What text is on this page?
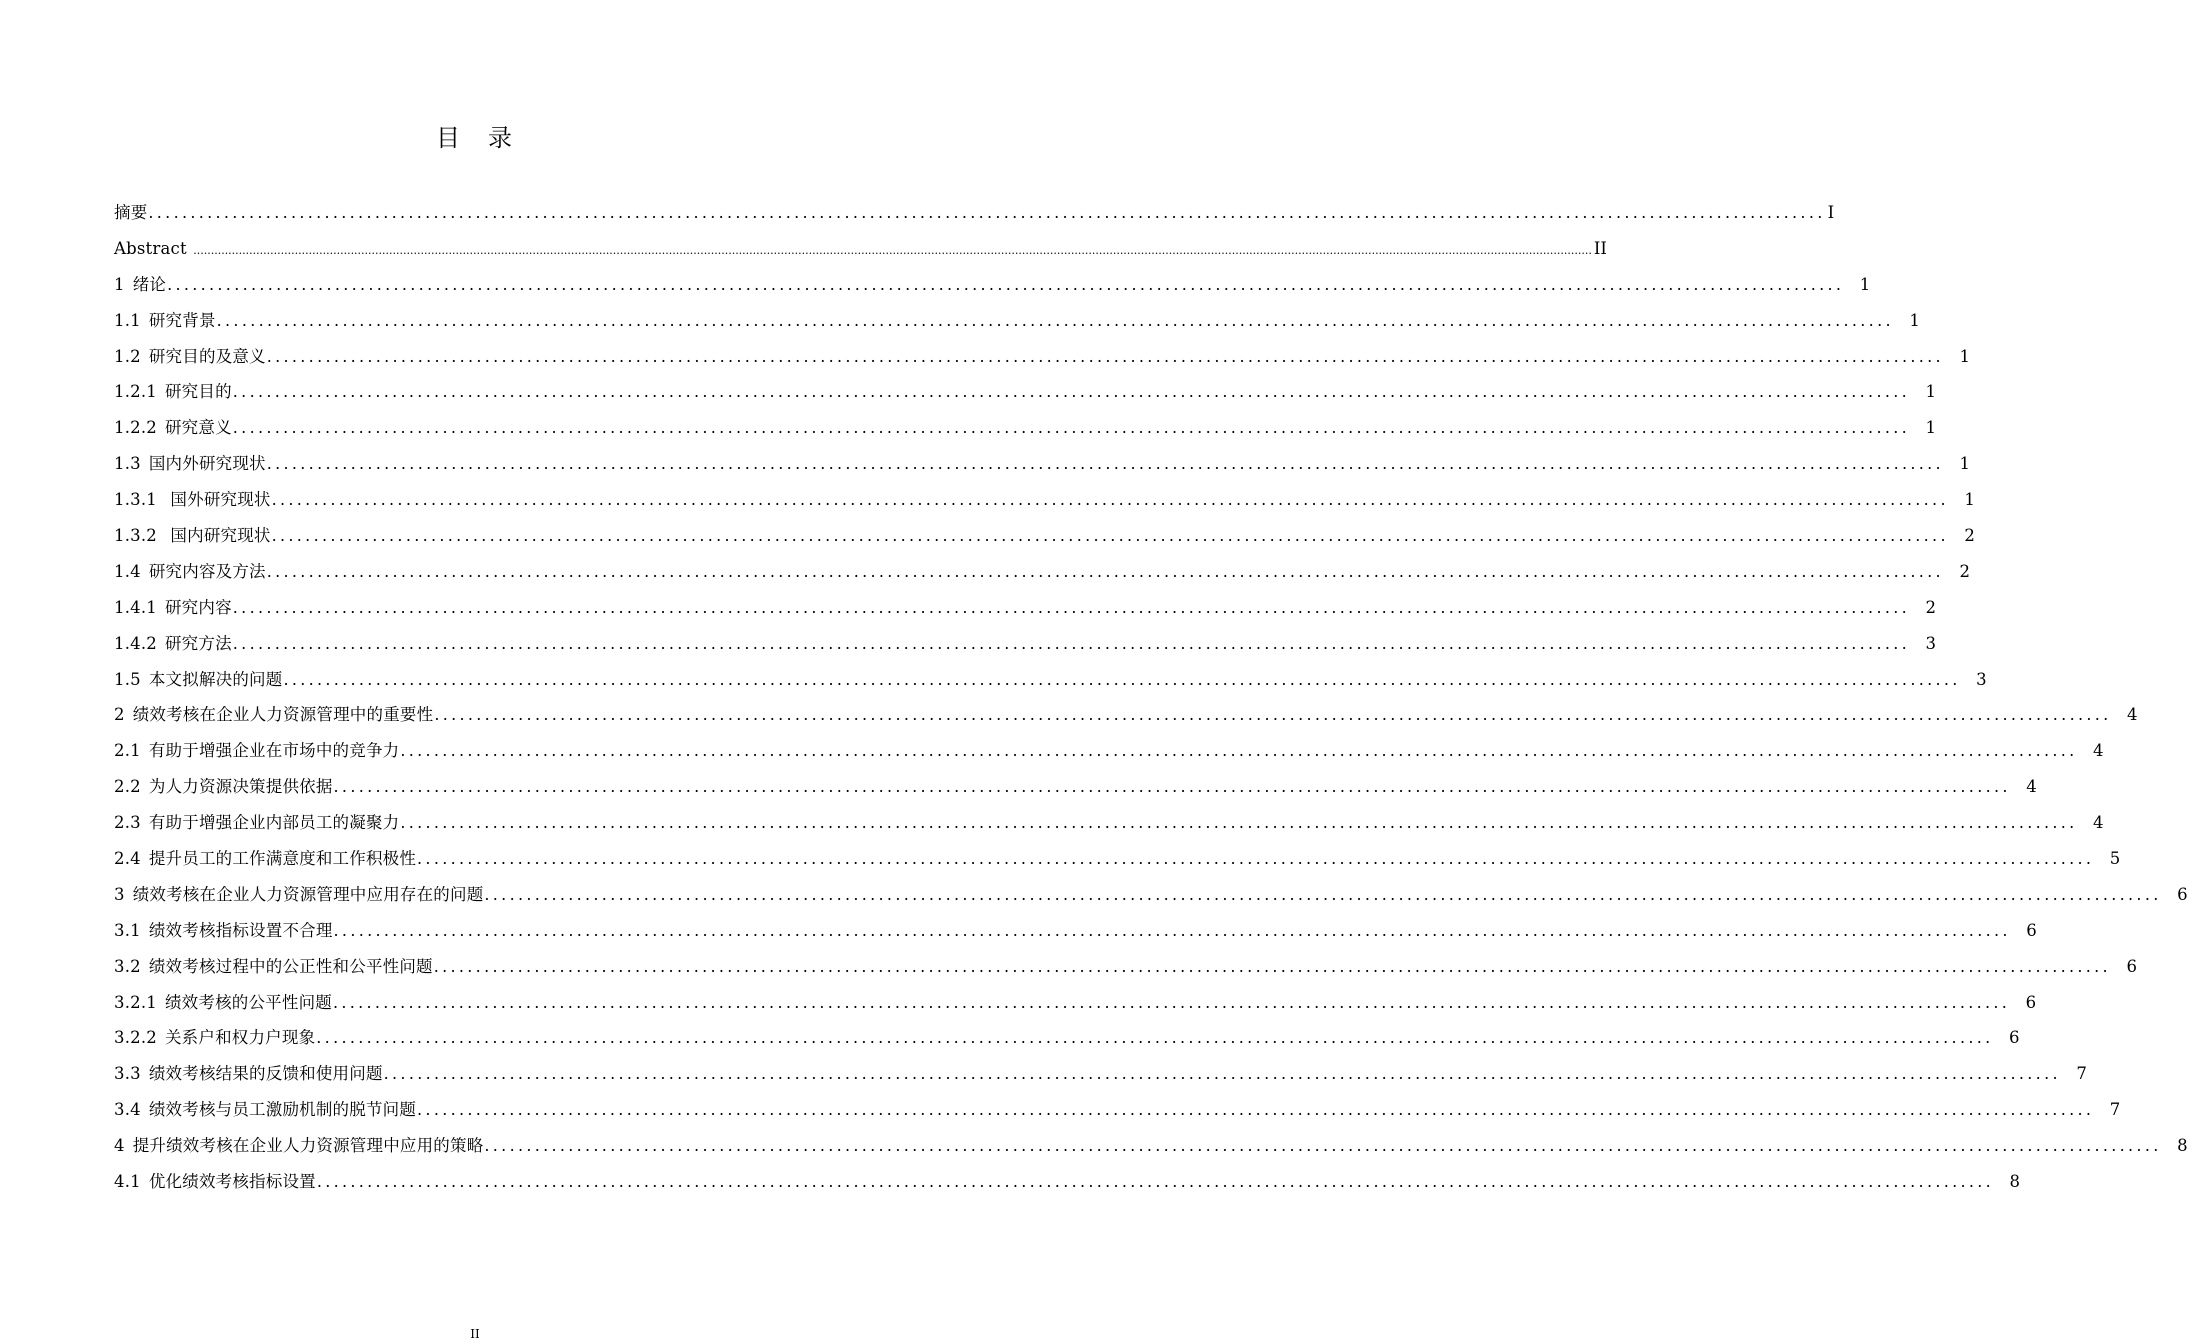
目　录
摘要 ........................................................................................................................................................................................................ I
Abstract ................................................................................................................................................................................................................................................................................................................................................................................................................ II
1 绪论 ........................................................................................................................................................................................................ 1
1.1 研究背景 ........................................................................................................................................................................................................ 1
1.2 研究目的及意义 ........................................................................................................................................................................................................ 1
1.2.1 研究目的 ........................................................................................................................................................................................................ 1
1.2.2 研究意义 ........................................................................................................................................................................................................ 1
1.3 国内外研究现状 ........................................................................................................................................................................................................ 1
1.3.1 国外研究现状 ........................................................................................................................................................................................................ 1
1.3.2 国内研究现状 ........................................................................................................................................................................................................ 2
1.4 研究内容及方法 ........................................................................................................................................................................................................ 2
1.4.1 研究内容 ........................................................................................................................................................................................................ 2
1.4.2 研究方法 ........................................................................................................................................................................................................ 3
1.5 本文拟解决的问题 ........................................................................................................................................................................................................ 3
2 绩效考核在企业人力资源管理中的重要性 ........................................................................................................................................................................................................ 4
2.1 有助于增强企业在市场中的竞争力 ........................................................................................................................................................................................................ 4
2.2 为人力资源决策提供依据 ........................................................................................................................................................................................................ 4
2.3 有助于增强企业内部员工的凝聚力 ........................................................................................................................................................................................................ 4
2.4 提升员工的工作满意度和工作积极性 ........................................................................................................................................................................................................ 5
3 绩效考核在企业人力资源管理中应用存在的问题 ........................................................................................................................................................................................................ 6
3.1 绩效考核指标设置不合理 ........................................................................................................................................................................................................ 6
3.2 绩效考核过程中的公正性和公平性问题 ........................................................................................................................................................................................................ 6
3.2.1 绩效考核的公平性问题 ........................................................................................................................................................................................................ 6
3.2.2 关系户和权力户现象 ........................................................................................................................................................................................................ 6
3.3 绩效考核结果的反馈和使用问题 ........................................................................................................................................................................................................ 7
3.4 绩效考核与员工激励机制的脱节问题 ........................................................................................................................................................................................................ 7
4 提升绩效考核在企业人力资源管理中应用的策略 ........................................................................................................................................................................................................ 8
4.1 优化绩效考核指标设置 ........................................................................................................................................................................................................ 8
II
